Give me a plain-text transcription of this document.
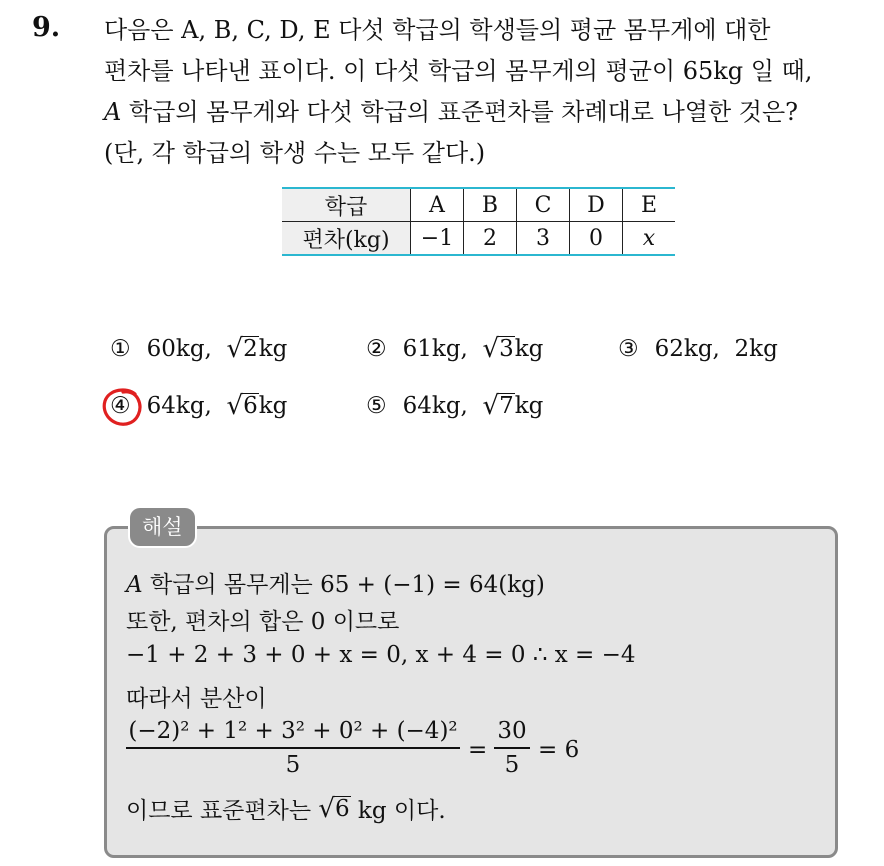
9. 다음은 A, B, C, D, E 다섯 학급의 학생들의 평균 몸무게에 대한
편차를 나타낸 표이다. 이 다섯 학급의 몸무게의 평균이 65kg 일 때,
A 학급의 몸무게와 다섯 학급의 표준편차를 차례대로 나열한 것은?
(단, 각 학급의 학생 수는 모두 같다.)
학급	A	B	C	D	E
편차(kg)	−1	2	3	0	x
① 60kg,
√ 2 kg	② 61kg,
√ 3 kg	③ 62kg,
2kg
④ 64kg,
√ 6 kg	⑤ 64kg,
√ 7 kg
해설
A 학급의 몸무게는 65 + (−1) = 64(kg)
또한, 편차의 합은 0 이므로
−1 + 2 + 3 + 0 + x = 0, x + 4 = 0 ∴ x = −4
따라서 분산이
(−2)² + 1² + 3² + 0² + (−4)²
5
=
30
5
= 6
이므로 표준편차는
√ 6
kg 이다.
